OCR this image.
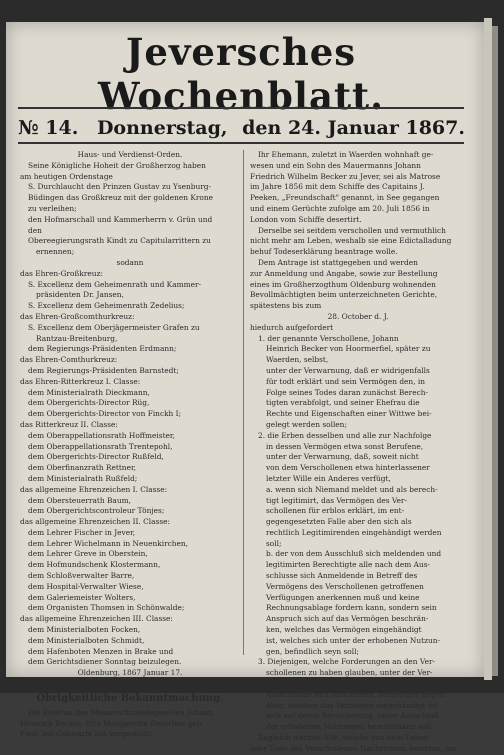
Jeversches Wochenblatt.
№ 14. Donnerstag, den 24. Januar 1867.
Haus- und Verdienst-Orden.
Seine Königliche Hoheit der Großherzog haben
am heutigen Ordenstage
S. Durchlaucht den Prinzen Gustav zu Ysenburg-
Büdingen das Großkreuz mit der goldenen Krone
zu verleihen;
den Hofmarschall und Kammerherrn v. Grün und
den
Obereegierungsrath Kindt zu Capitularrittern zu
ernennen;
sodann
das Ehren-Großkreuz:
S. Excellenz dem Geheimenrath und Kammer-
präsidenten Dr. Jansen,
S. Excellenz dem Geheimenrath Zedelius;
das Ehren-Großcomthurkreuz:
S. Excellenz dem Oberjägermeister Grafen zu
Rantzau-Breitenburg,
dem Regierungs-Präsidenten Erdmann;
das Ehren-Comthurkreuz:
dem Regierungs-Präsidenten Barnstedt;
das Ehren-Ritterkreuz I. Classe:
dem Ministerialrath Dieckmann,
dem Obergerichts-Director Rüg,
dem Obergerichts-Director von Finckh I;
das Ritterkreuz II. Classe:
dem Oberappellationsrath Hoffmeister,
dem Oberappellationsrath Trentepohl,
dem Obergerichts-Director Rußfeld,
dem Oberfinanzrath Rettner,
dem Ministerialrath Rußfeld;
das allgemeine Ehrenzeichen I. Classe:
dem Obersteuerrath Baum,
dem Obergerichtscontroleur Tönjes;
das allgemeine Ehrenzeichen II. Classe:
dem Lehrer Fischer in Jever,
dem Lehrer Wichelmann in Neuenkirchen,
dem Lehrer Greve in Oberstein,
dem Hofmundschenk Klostermann,
dem Schloßverwalter Barre,
dem Hospital-Verwalter Wiese,
dem Galeriemeister Wolters,
dem Organisten Thomsen in Schönwalde;
das allgemeine Ehrenzeichen III. Classe:
dem Ministerialboten Focken,
dem Ministerialboten Schmidt,
dem Hafenboten Menzen in Brake und
dem Gerichtsdiener Sonntag beizulegen.
Oldenburg, 1867 Januar 17.
J. A.: Köhler.
Obrigkeitliche Bekanntmachung.
Die Ehefrau des Messerschmiedegesellen Johann
Heinrich Becker, Etta Margarethe Dorothee geb.
Fuss, bei Cukwarfe hat vorgestellt:
Ihr Ehemann, zuletzt in Waerden wohnhaft ge-
wesen und ein Sohn des Mauermanns Johann
Friedrich Wilhelm Becker zu Jever, sei als Matrose
im Jahre 1856 mit dem Schiffe des Capitains J.
Peeken, „Freundschaft" genannt, in See gegangen
und einem Gerüchte zufolge am 20. Juli 1856 in
London vom Schiffe desertirt.
Derselbe sei seitdem verschollen und vermuthlich
nicht mehr am Leben, weshalb sie eine Edictalladung
behuf Todeserklärung beantrage wolle.
Dem Antrage ist stattgegeben und werden
zur Anmeldung und Angabe, sowie zur Bestellung
eines im Großherzogthum Oldenburg wohnenden
Bevollmächtigten beim unterzeichneten Gerichte,
spätestens bis zum
28. October d. J.
hiedurch aufgefordert
1. der genannte Verschollene, Johann
Heinrich Becker von Hoormerfiel, später zu
Waerden, selbst,
unter der Verwarnung, daß er widrigenfalls
für todt erklärt und sein Vermögen den, in
Folge seines Todes daran zunächst Berech-
tigten verabfolgt, und seiner Ehefrau die
Rechte und Eigenschaften einer Wittwe bei-
gelegt werden sollen;
2. die Erben desselben und alle zur Nachfolge
in dessen Vermögen etwa sonst Berufene,
unter der Verwarnung, daß, soweit nicht
von dem Verschollenen etwa hinterlassener
letzter Wille ein Anderes verfügt,
a. wenn sich Niemand meldet und als berech-
tigt legitimirt, das Vermögen des Ver-
schollenen für erblos erklärt, im ent-
gegengesetzten Falle aber den sich als
rechtlich Legitimirenden eingehändigt werden
soll;
b. der von dem Ausschluß sich meldenden und
legitimirten Berechtigte alle nach dem Aus-
schlusse sich Anmeldende in Betreff des
Vermögens des Verschollenen getroffenen
Verfügungen anerkennen muß und keine
Rechnungsablage fordern kann, sondern sein
Anspruch sich auf das Vermögen beschrän-
ken, welches das Vermögen eingehändigt
ist, welches sich unter der erhobenen Nutzun-
gen, befindlich seyn soll;
3. Diejenigen, welche Forderungen an den Ver-
schollenen zu haben glauben, unter der Ver-
warnung, daß die Forderung des nach dem
Ausschlusse sich Meldenden, denjenigen gegen-
über, welchen das Vermögen eingehändigt ist,
sich auf deren Bereicherung, unter Ausschluß
der erhobenen Nutzungen beschränken soll.
Zugleich werden Alle, welche von dem Leben
oder Tode des Verschollenen Nachrichten besitzen, zur
